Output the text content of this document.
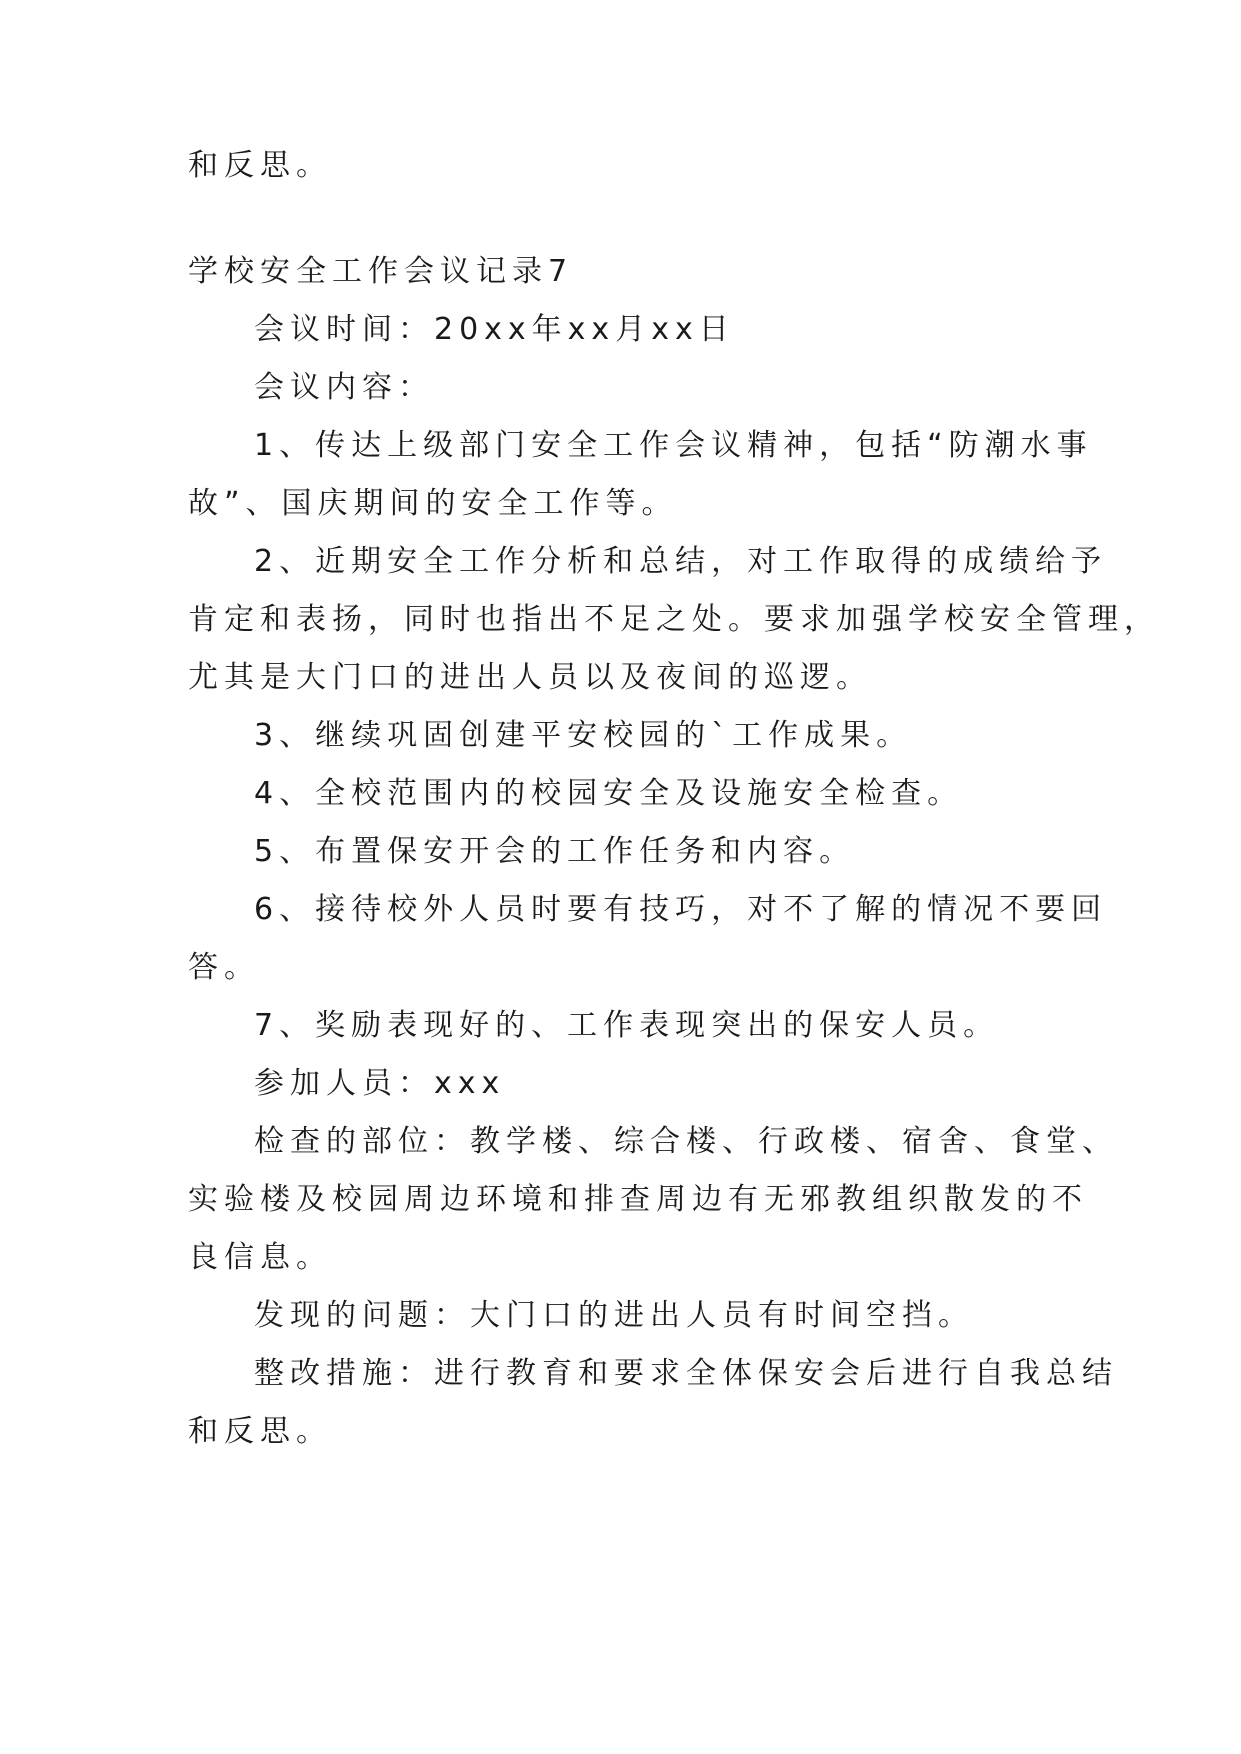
和反思。

学校安全工作会议记录7

会议时间：20xx年xx月xx日

会议内容：

1、传达上级部门安全工作会议精神，包括“防潮水事

故”、国庆期间的安全工作等。

2、近期安全工作分析和总结，对工作取得的成绩给予

肯定和表扬，同时也指出不足之处。要求加强学校安全管理，

尤其是大门口的进出人员以及夜间的巡逻。

3、继续巩固创建平安校园的`工作成果。

4、全校范围内的校园安全及设施安全检查。

5、布置保安开会的工作任务和内容。

6、接待校外人员时要有技巧，对不了解的情况不要回

答。

7、奖励表现好的、工作表现突出的保安人员。

参加人员：xxx

检查的部位：教学楼、综合楼、行政楼、宿舍、食堂、

实验楼及校园周边环境和排查周边有无邪教组织散发的不

良信息。

发现的问题：大门口的进出人员有时间空挡。

整改措施：进行教育和要求全体保安会后进行自我总结

和反思。
